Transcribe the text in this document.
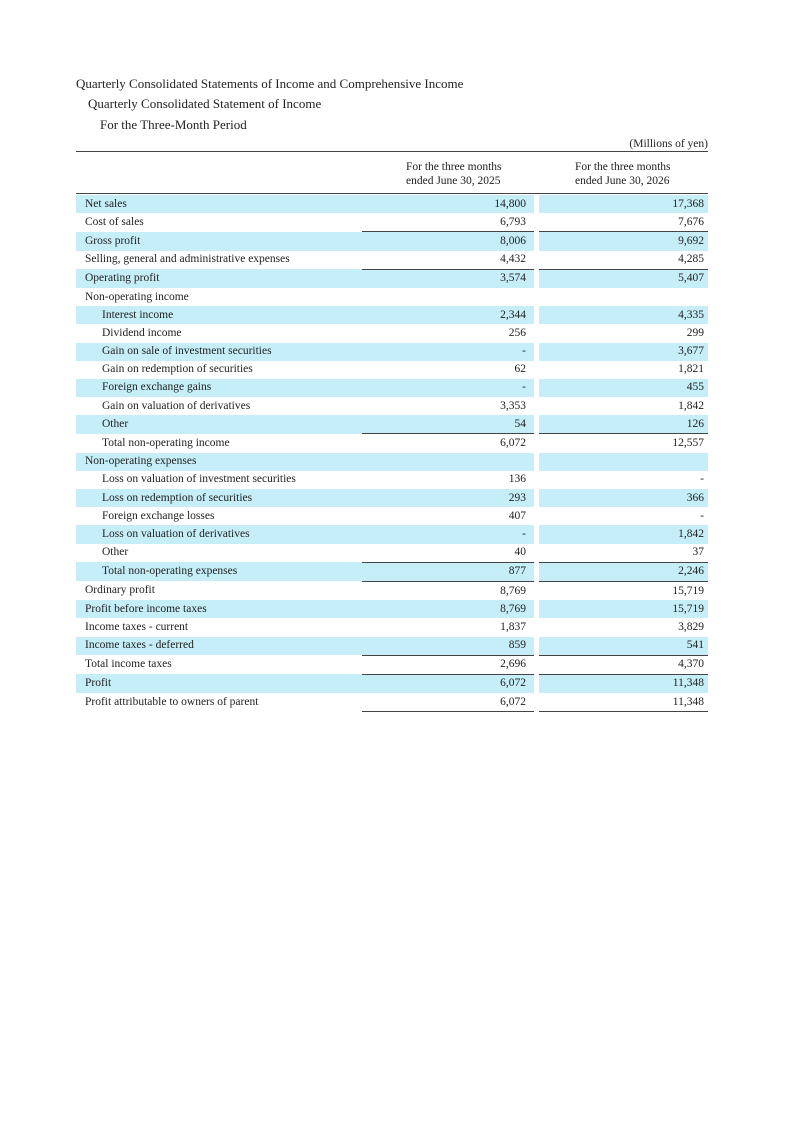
Quarterly Consolidated Statements of Income and Comprehensive Income
Quarterly Consolidated Statement of Income
For the Three-Month Period
(Millions of yen)
For the three months
ended June 30, 2025
For the three months
ended June 30, 2026
Net sales	14,800		17,368
Cost of sales	6,793		7,676
Gross profit	8,006		9,692
Selling, general and administrative expenses	4,432		4,285
Operating profit	3,574		5,407
Non-operating income			
Interest income	2,344		4,335
Dividend income	256		299
Gain on sale of investment securities	-		3,677
Gain on redemption of securities	62		1,821
Foreign exchange gains	-		455
Gain on valuation of derivatives	3,353		1,842
Other	54		126
Total non-operating income	6,072		12,557
Non-operating expenses			
Loss on valuation of investment securities	136		-
Loss on redemption of securities	293		366
Foreign exchange losses	407		-
Loss on valuation of derivatives	-		1,842
Other	40		37
Total non-operating expenses	877		2,246
Ordinary profit	8,769		15,719
Profit before income taxes	8,769		15,719
Income taxes - current	1,837		3,829
Income taxes - deferred	859		541
Total income taxes	2,696		4,370
Profit	6,072		11,348
Profit attributable to owners of parent	6,072		11,348
